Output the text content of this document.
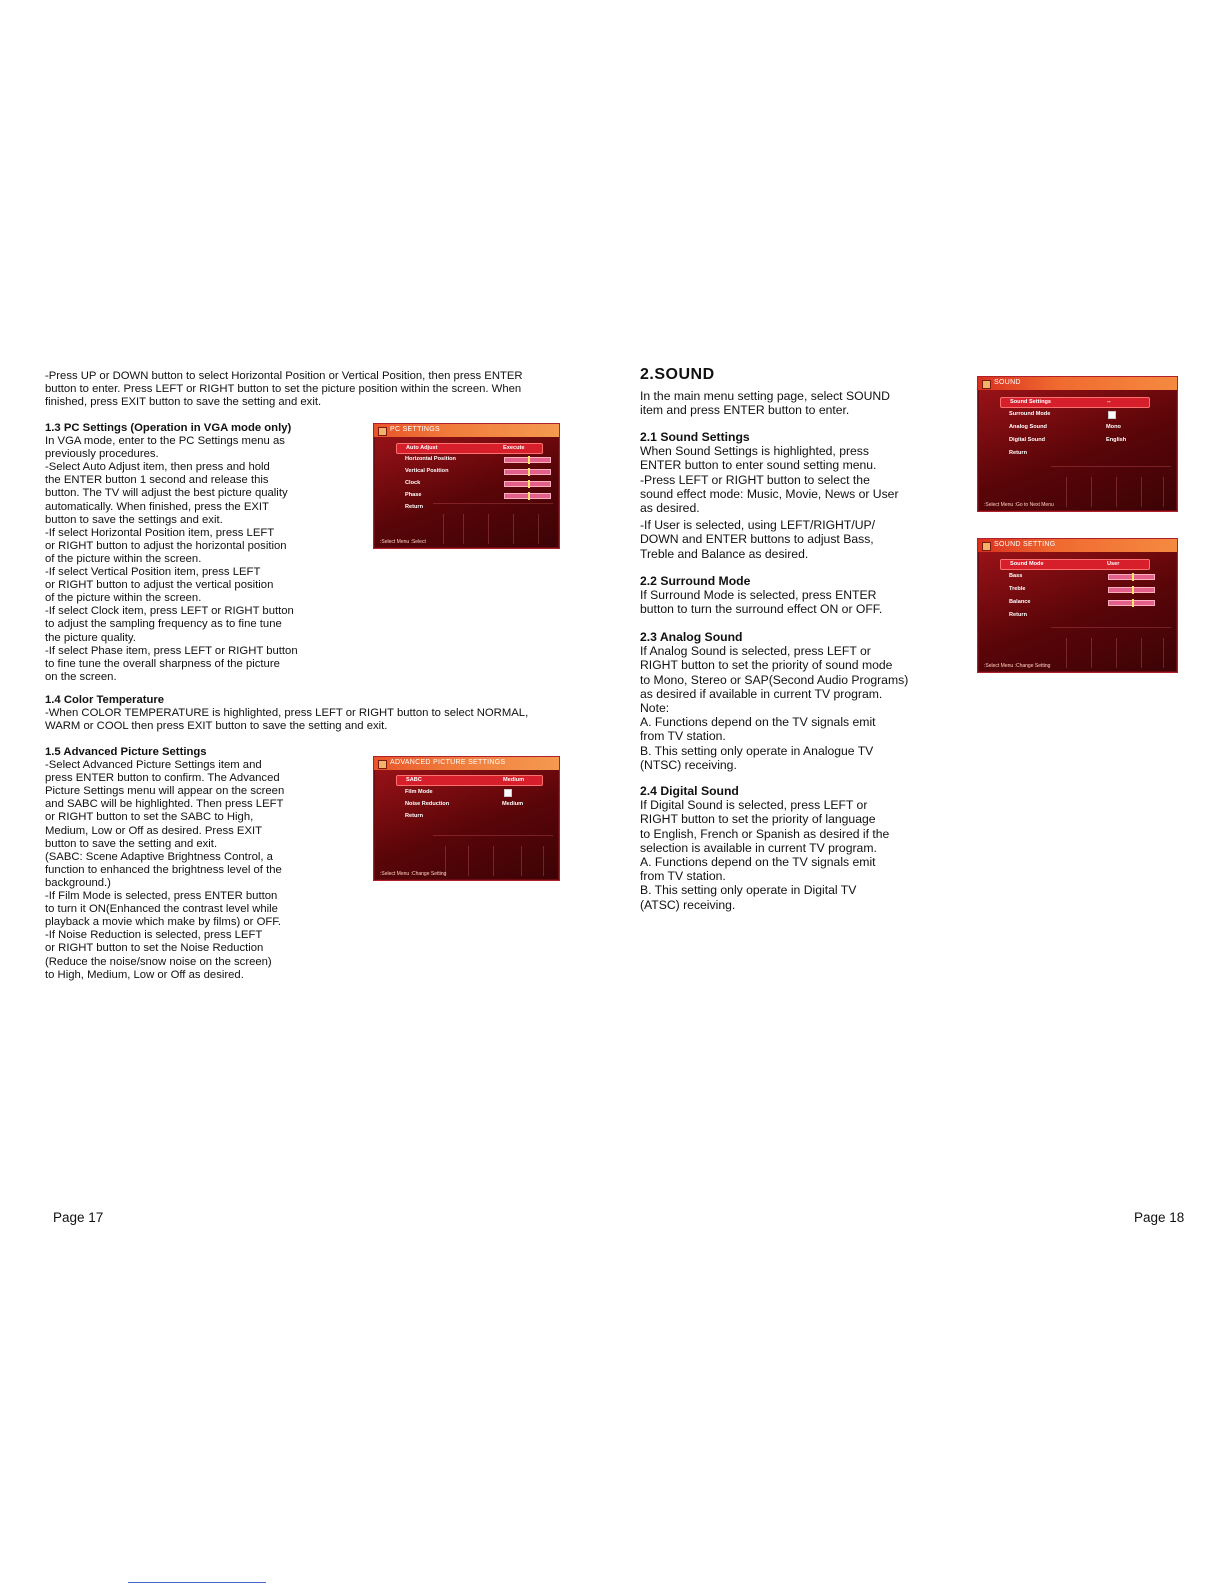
-Press UP or DOWN button to select Horizontal Position or Vertical Position, then press ENTER

button to enter. Press LEFT or RIGHT button to set the picture position within the screen. When

finished, press EXIT button to save the setting and exit.

1.3 PC Settings (Operation in VGA mode only)

In VGA mode, enter to the PC Settings menu as

previously procedures.

-Select Auto Adjust item, then press and hold

the ENTER button 1 second and release this

button. The TV will adjust the best picture quality

automatically. When finished, press the EXIT

button to save the settings and exit.

-If select Horizontal Position item, press LEFT

or RIGHT button to adjust the horizontal position

of the picture within the screen.

-If select Vertical Position item, press LEFT

or RIGHT button to adjust the vertical position

of the picture within the screen.

-If select Clock item, press LEFT or RIGHT button

to adjust the sampling frequency as to fine tune

the picture quality.

-If select Phase item, press LEFT or RIGHT button

to fine tune the overall sharpness of the picture

on the screen.

1.4 Color Temperature

-When COLOR TEMPERATURE is highlighted, press LEFT or RIGHT button to select NORMAL,

WARM or COOL then press EXIT button to save the setting and exit.

1.5 Advanced Picture Settings

-Select Advanced Picture Settings item and

press ENTER button to confirm. The Advanced

Picture Settings menu will appear on the screen

and SABC will be highlighted. Then press LEFT

or RIGHT button to set the SABC to High,

Medium, Low or Off as desired. Press EXIT

button to save the setting and exit.

(SABC: Scene Adaptive Brightness Control, a

function to enhanced the brightness level of the

background.)

-If Film Mode is selected, press ENTER button

to turn it ON(Enhanced the contrast level while

playback a movie which make by films) or OFF.

-If Noise Reduction is selected, press LEFT

or RIGHT button to set the Noise Reduction

(Reduce the noise/snow noise on the screen)

to High, Medium, Low or Off as desired.

PC SETTINGS
Auto Adjust	Execute
Horizontal Position
Vertical Position
Clock
Phase
Return
:Select Menu :Select
ADVANCED PICTURE SETTINGS
SABC	Medium
Film Mode
Noise Reduction	Medium
Return
:Select Menu :Change Setting
Page 17
2.SOUND

In the main menu setting page, select SOUND

item and press ENTER button to enter.

2.1 Sound Settings

When Sound Settings is highlighted, press

ENTER button to enter sound setting menu.

-Press LEFT or RIGHT button to select the

sound effect mode: Music, Movie, News or User

as desired.

-If User is selected, using LEFT/RIGHT/UP/

DOWN and ENTER buttons to adjust Bass,

Treble and Balance as desired.

2.2 Surround Mode

If Surround Mode is selected, press ENTER

button to turn the surround effect ON or OFF.

2.3 Analog Sound

If Analog Sound is selected, press LEFT or

RIGHT button to set the priority of sound mode

to Mono, Stereo or SAP(Second Audio Programs)

as desired if available in current TV program.

Note:

A. Functions depend on the TV signals emit

from TV station.

B. This setting only operate in Analogue TV

(NTSC) receiving.

2.4 Digital Sound

If Digital Sound is selected, press LEFT or

RIGHT button to set the priority of language

to English, French or Spanish as desired if the

selection is available in current TV program.

A. Functions depend on the TV signals emit

from TV station.

B. This setting only operate in Digital TV

(ATSC) receiving.

SOUND
Sound Settings	--
Surround Mode
Analog Sound	Mono
Digital Sound	English
Return
:Select Menu :Go to Next Menu
SOUND SETTING
Sound Mode	User
Bass
Treble
Balance
Return
:Select Menu :Change Setting
Page 18
